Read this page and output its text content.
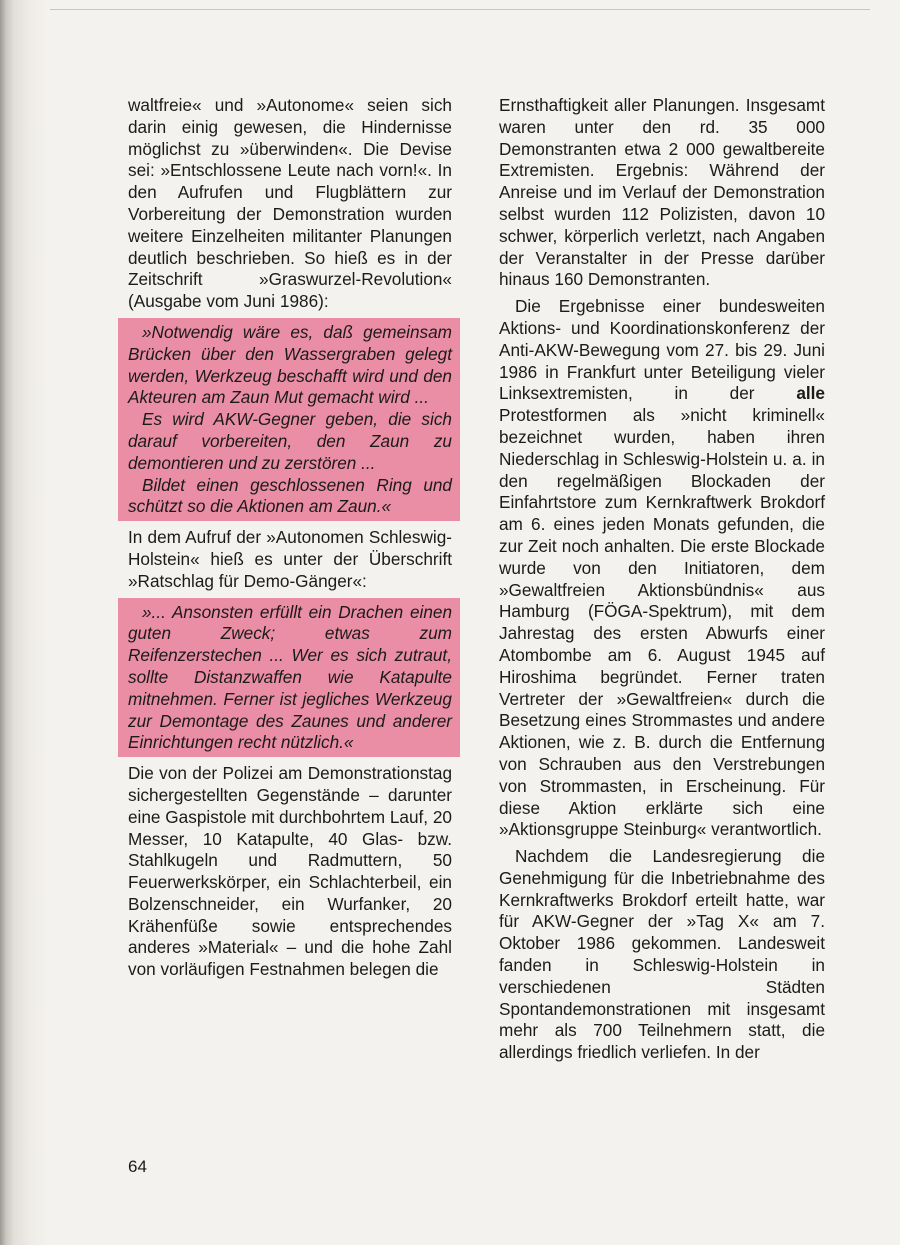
waltfreie« und »Autonome« seien sich darin einig gewesen, die Hindernisse möglichst zu »überwinden«. Die Devise sei: »Entschlossene Leute nach vorn!«. In den Aufrufen und Flugblättern zur Vorbereitung der Demonstration wurden weitere Einzelheiten militanter Planungen deutlich beschrieben. So hieß es in der Zeitschrift »Graswurzel-Revolution« (Ausgabe vom Juni 1986):

»Notwendig wäre es, daß gemeinsam Brücken über den Wassergraben gelegt werden, Werkzeug beschafft wird und den Akteuren am Zaun Mut gemacht wird ...

Es wird AKW-Gegner geben, die sich darauf vorbereiten, den Zaun zu demontieren und zu zerstören ...

Bildet einen geschlossenen Ring und schützt so die Aktionen am Zaun.«

In dem Aufruf der »Autonomen Schleswig-Holstein« hieß es unter der Überschrift »Ratschlag für Demo-Gänger«:

»... Ansonsten erfüllt ein Drachen einen guten Zweck; etwas zum Reifenzerstechen ... Wer es sich zutraut, sollte Distanzwaffen wie Katapulte mitnehmen. Ferner ist jegliches Werkzeug zur Demontage des Zaunes und anderer Einrichtungen recht nützlich.«

Die von der Polizei am Demonstrationstag sichergestellten Gegenstände – darunter eine Gaspistole mit durchbohrtem Lauf, 20 Messer, 10 Katapulte, 40 Glas- bzw. Stahlkugeln und Radmuttern, 50 Feuerwerkskörper, ein Schlachterbeil, ein Bolzenschneider, ein Wurfanker, 20 Krähenfüße sowie entsprechendes anderes »Material« – und die hohe Zahl von vorläufigen Festnahmen belegen die

Ernsthaftigkeit aller Planungen. Insgesamt waren unter den rd. 35 000 Demonstranten etwa 2 000 gewaltbereite Extremisten. Ergebnis: Während der Anreise und im Verlauf der Demonstration selbst wurden 112 Polizisten, davon 10 schwer, körperlich verletzt, nach Angaben der Veranstalter in der Presse darüber hinaus 160 Demonstranten.

Die Ergebnisse einer bundesweiten Aktions- und Koordinationskonferenz der Anti-AKW-Bewegung vom 27. bis 29. Juni 1986 in Frankfurt unter Beteiligung vieler Linksextremisten, in der alle Protestformen als »nicht kriminell« bezeichnet wurden, haben ihren Niederschlag in Schleswig-Holstein u. a. in den regelmäßigen Blockaden der Einfahrtstore zum Kernkraftwerk Brokdorf am 6. eines jeden Monats gefunden, die zur Zeit noch anhalten. Die erste Blockade wurde von den Initiatoren, dem »Gewaltfreien Aktionsbündnis« aus Hamburg (FÖGA-Spektrum), mit dem Jahrestag des ersten Abwurfs einer Atombombe am 6. August 1945 auf Hiroshima begründet. Ferner traten Vertreter der »Gewaltfreien« durch die Besetzung eines Strommastes und andere Aktionen, wie z. B. durch die Entfernung von Schrauben aus den Verstrebungen von Strommasten, in Erscheinung. Für diese Aktion erklärte sich eine »Aktionsgruppe Steinburg« verantwortlich.

Nachdem die Landesregierung die Genehmigung für die Inbetriebnahme des Kernkraftwerks Brokdorf erteilt hatte, war für AKW-Gegner der »Tag X« am 7. Oktober 1986 gekommen. Landesweit fanden in Schleswig-Holstein in verschiedenen Städten Spontandemonstrationen mit insgesamt mehr als 700 Teilnehmern statt, die allerdings friedlich verliefen. In der

64
